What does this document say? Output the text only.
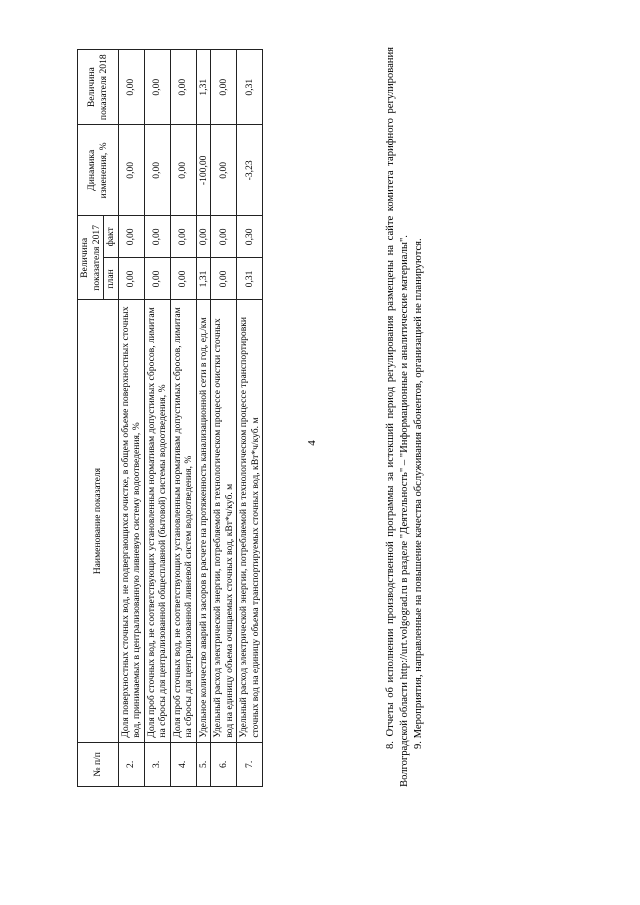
4
№ п/п	Наименование показателя	Величина показателя 2017		Динамика изменения, %	Величина показателя 2018
		план	факт		
2.	Доля поверхностных сточных вод, не подвергающихся очистке, в общем объеме поверхностных сточных вод, принимаемых в централизованную ливневую систему водоотведения, %	0,00	0,00	0,00	0,00
3.	Доля проб сточных вод, не соответствующих установленным нормативам допустимых сбросов, лимитам на сбросы для централизованной общесплавной (бытовой) системы водоотведения, %	0,00	0,00	0,00	0,00
4.	Доля проб сточных вод, не соответствующих установленным нормативам допустимых сбросов, лимитам на сбросы для централизованной ливневой систем водоотведения, %	0,00	0,00	0,00	0,00
5.	Удельное количество аварий и засоров в расчете на протяженность канализационной сети в год, ед./км	1,31	0,00	-100,00	1,31
6.	Удельный расход электрической энергии, потребляемой в технологическом процессе очистки сточных вод на единицу объема очищаемых сточных вод, кВт*ч/куб. м	0,00	0,00	0,00	0,00
7.	Удельный расход электрической энергии, потребляемой в технологическом процессе транспортировки сточных вод на единицу объема транспортируемых сточных вод, кВт*ч/куб. м	0,31	0,30	-3,23	0,31	8. Отчеты об исполнении производственной программы за истекший период регулирования размещены на сайте комитета тарифного регулирования Волгоградской области http://urt.volgograd.ru в разделе "Деятельность" – "Информационные и аналитические материалы". 9. Мероприятия, направленные на повышение качества обслуживания абонентов, организацией не планируются.
